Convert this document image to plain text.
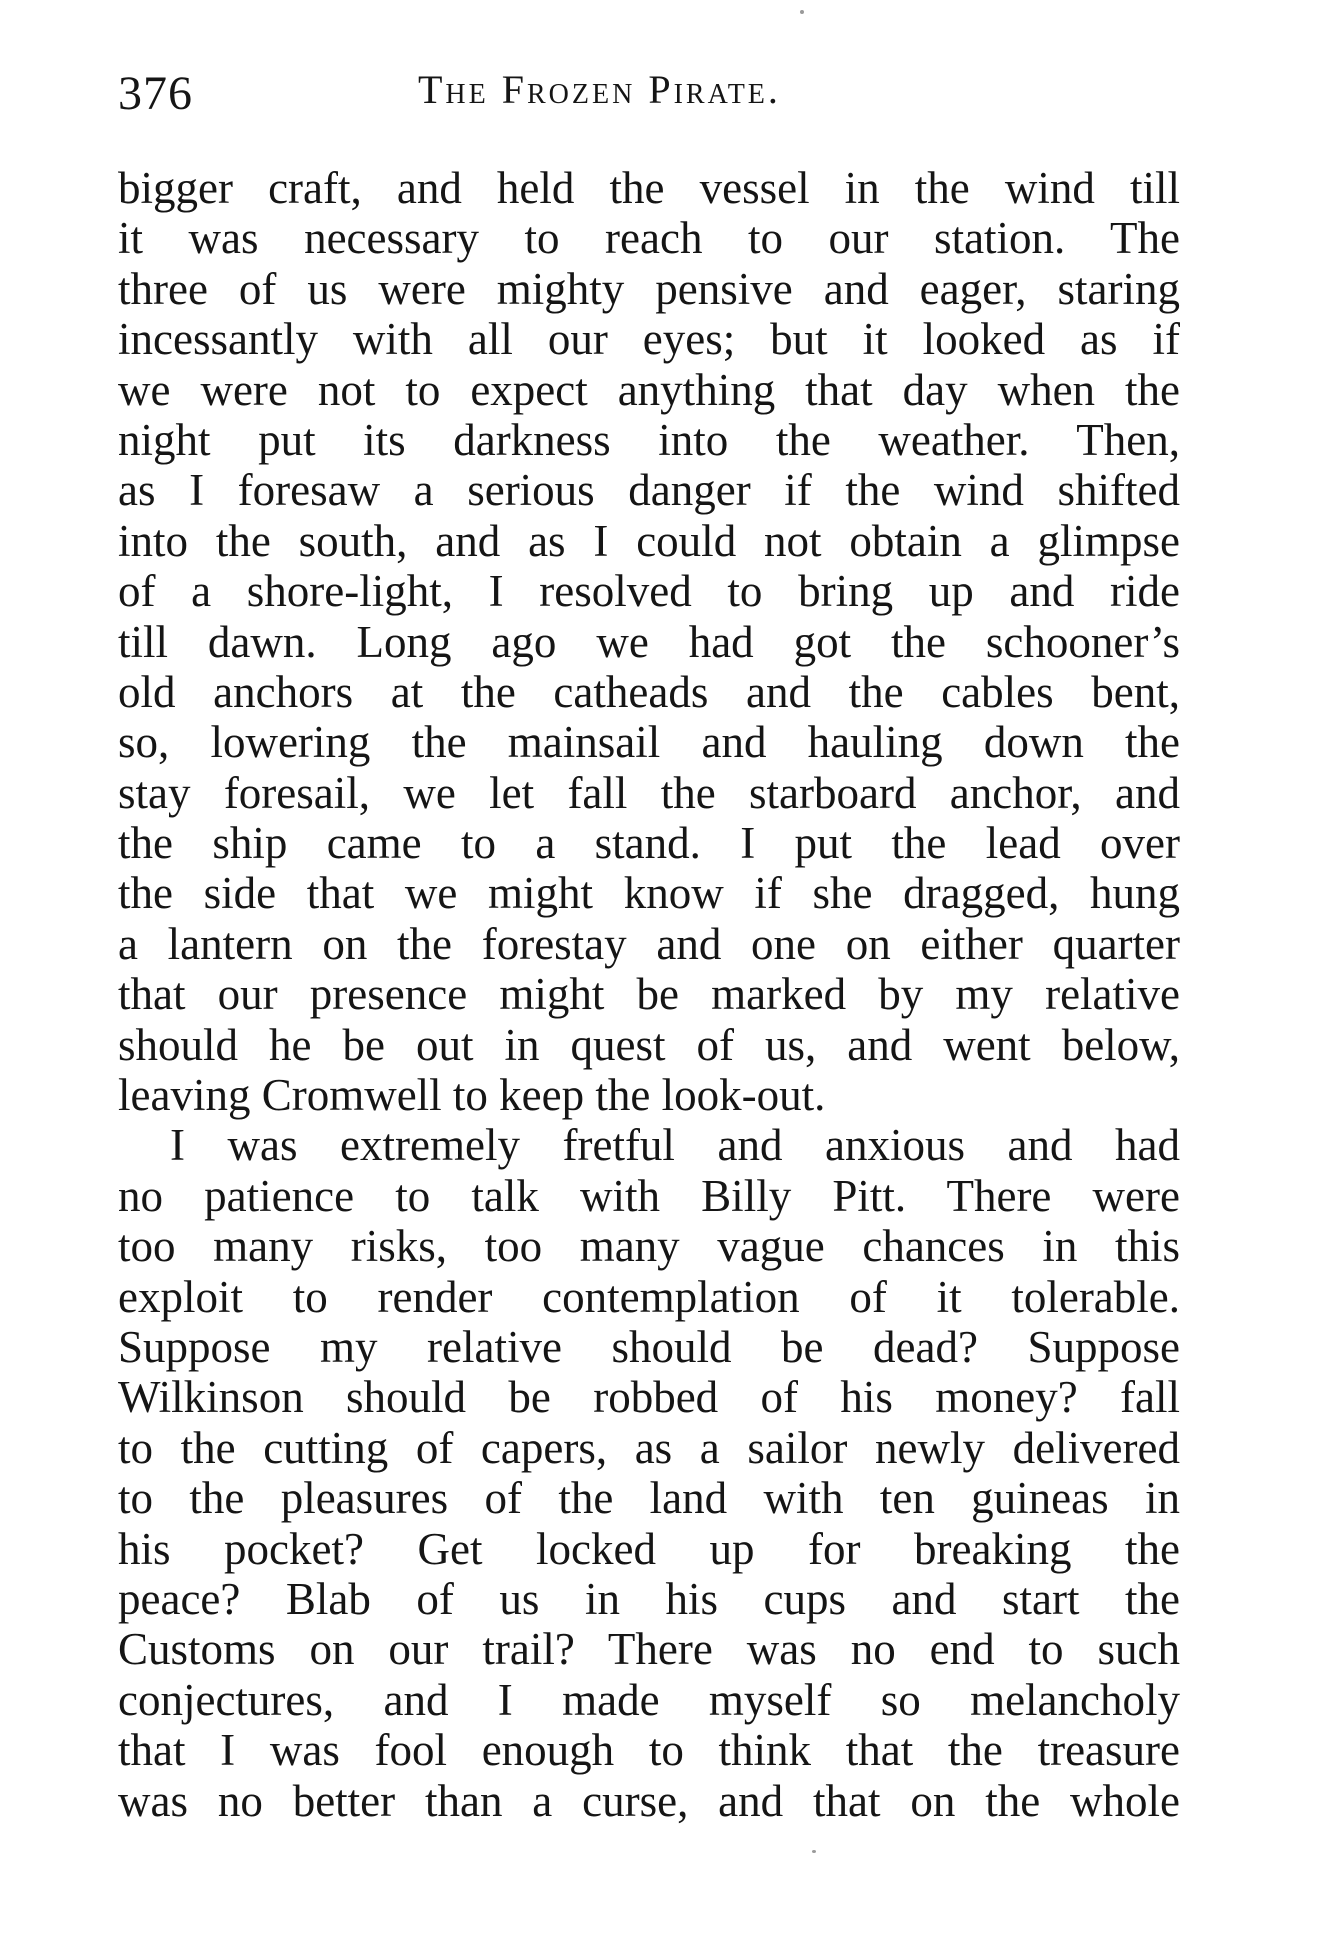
376	The Frozen Pirate.
bigger craft, and held the vessel in the wind till
it was necessary to reach to our station. The
three of us were mighty pensive and eager, staring
incessantly with all our eyes; but it looked as if
we were not to expect anything that day when the
night put its darkness into the weather. Then,
as I foresaw a serious danger if the wind shifted
into the south, and as I could not obtain a glimpse
of a shore-light, I resolved to bring up and ride
till dawn. Long ago we had got the schooner’s
old anchors at the catheads and the cables bent,
so, lowering the mainsail and hauling down the
stay foresail, we let fall the starboard anchor, and
the ship came to a stand. I put the lead over
the side that we might know if she dragged, hung
a lantern on the forestay and one on either quarter
that our presence might be marked by my relative
should he be out in quest of us, and went below,
leaving Cromwell to keep the look-out.
I was extremely fretful and anxious and had
no patience to talk with Billy Pitt. There were
too many risks, too many vague chances in this
exploit to render contemplation of it tolerable.
Suppose my relative should be dead? Suppose
Wilkinson should be robbed of his money? fall
to the cutting of capers, as a sailor newly delivered
to the pleasures of the land with ten guineas in
his pocket? Get locked up for breaking the
peace? Blab of us in his cups and start the
Customs on our trail? There was no end to such
conjectures, and I made myself so melancholy
that I was fool enough to think that the treasure
was no better than a curse, and that on the whole
